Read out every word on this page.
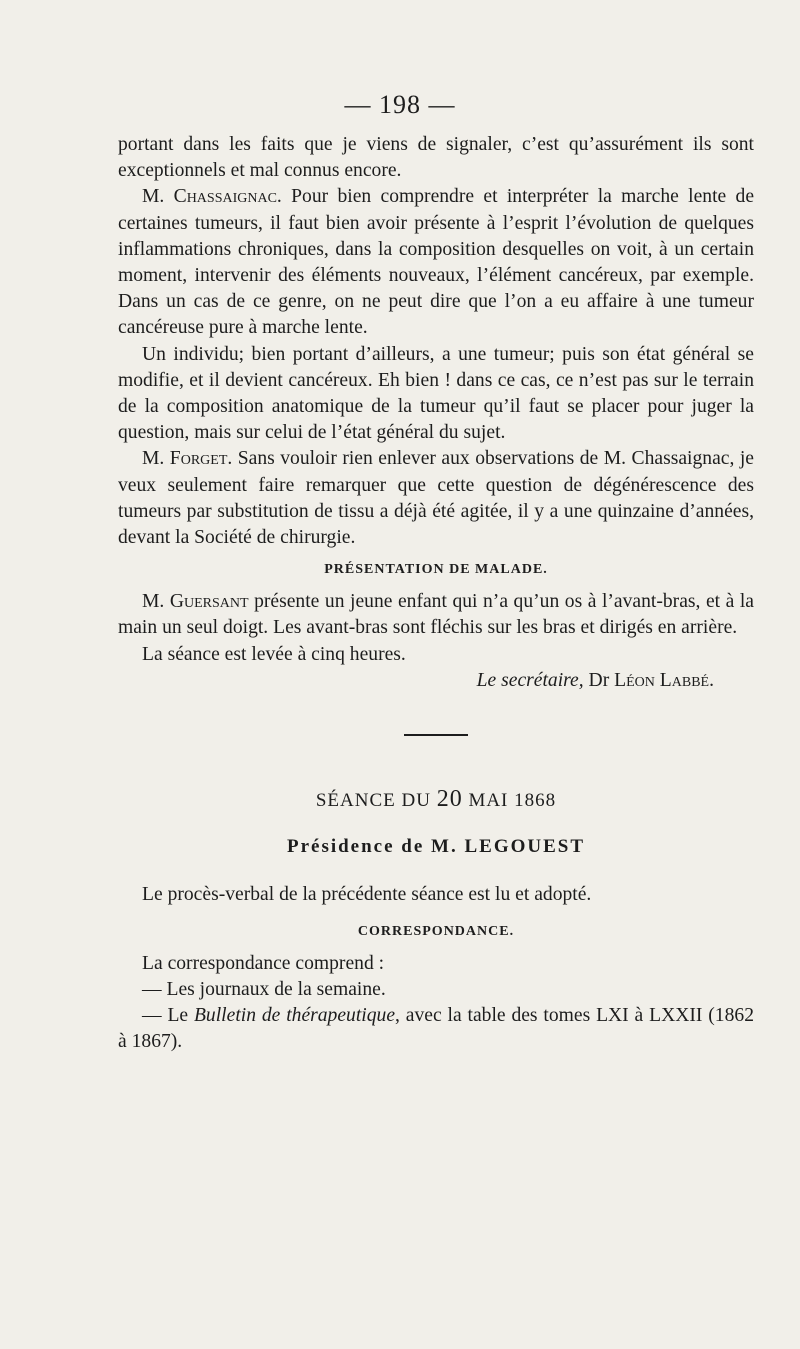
— 198 —

portant dans les faits que je viens de signaler, c’est qu’assurément ils sont exceptionnels et mal connus encore.

M. Chassaignac. Pour bien comprendre et interpréter la marche lente de certaines tumeurs, il faut bien avoir présente à l’esprit l’évolution de quelques inflammations chroniques, dans la composition desquelles on voit, à un certain moment, intervenir des éléments nouveaux, l’élément cancéreux, par exemple. Dans un cas de ce genre, on ne peut dire que l’on a eu affaire à une tumeur cancéreuse pure à marche lente.

Un individu; bien portant d’ailleurs, a une tumeur; puis son état général se modifie, et il devient cancéreux. Eh bien ! dans ce cas, ce n’est pas sur le terrain de la composition anatomique de la tumeur qu’il faut se placer pour juger la question, mais sur celui de l’état général du sujet.

M. Forget. Sans vouloir rien enlever aux observations de M. Chassaignac, je veux seulement faire remarquer que cette question de dégénérescence des tumeurs par substitution de tissu a déjà été agitée, il y a une quinzaine d’années, devant la Société de chirurgie.

PRÉSENTATION DE MALADE.

M. Guersant présente un jeune enfant qui n’a qu’un os à l’avant-bras, et à la main un seul doigt. Les avant-bras sont fléchis sur les bras et dirigés en arrière.

La séance est levée à cinq heures.

Le secrétaire, Dr Léon Labbé.

SÉANCE DU 20 MAI 1868
Présidence de M. LEGOUEST

Le procès-verbal de la précédente séance est lu et adopté.

CORRESPONDANCE.

La correspondance comprend :

— Les journaux de la semaine.

— Le Bulletin de thérapeutique, avec la table des tomes LXI à LXXII (1862 à 1867).
